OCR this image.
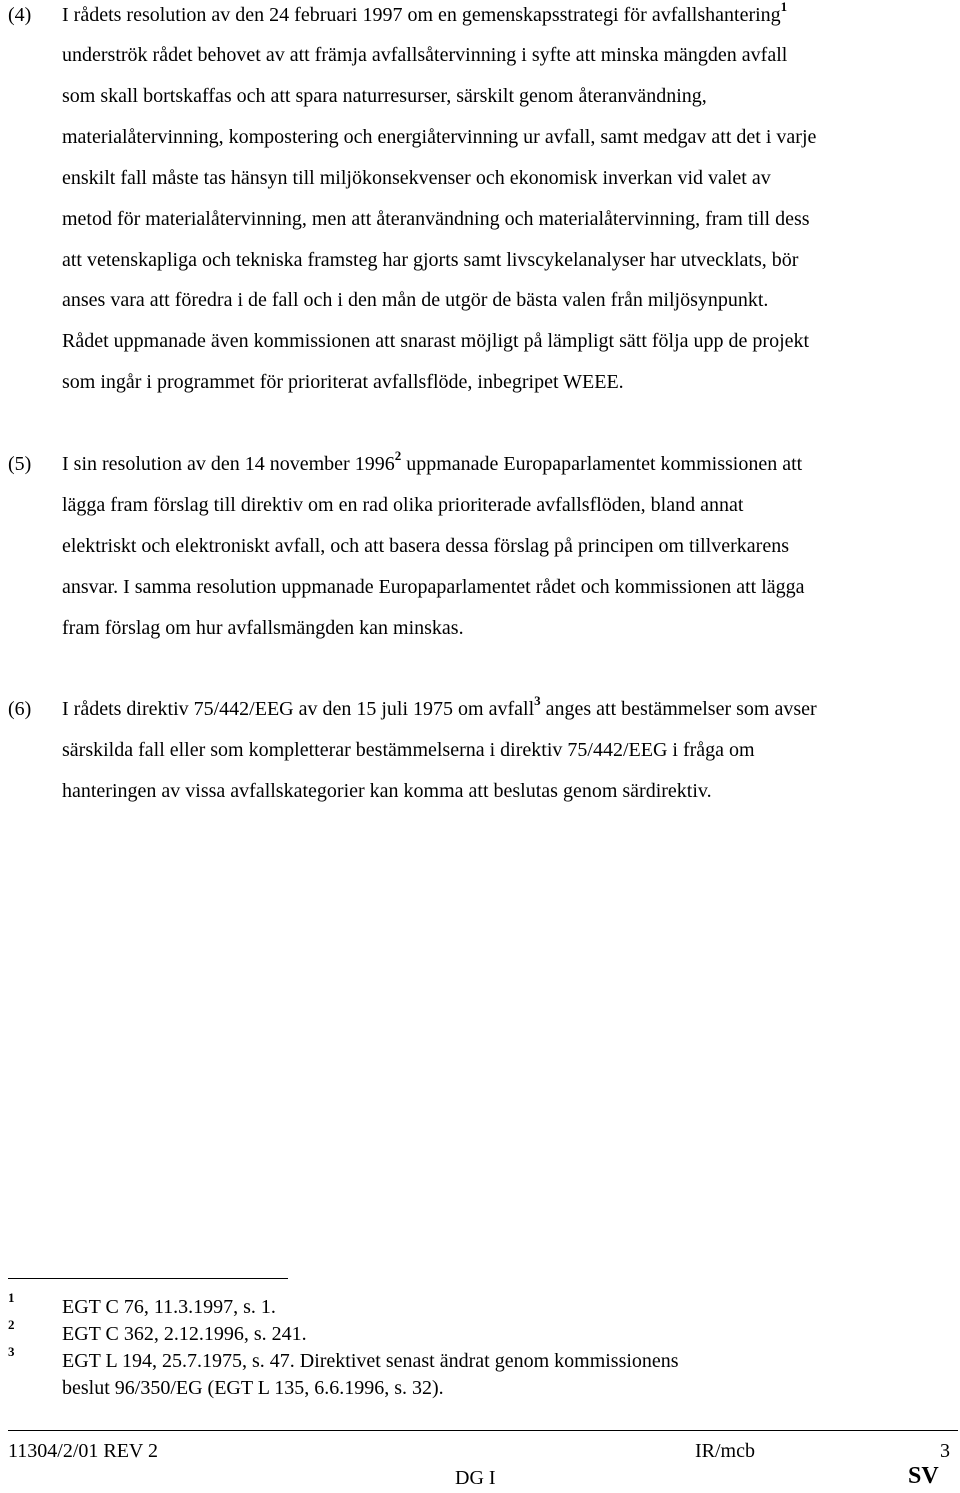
(4) I rådets resolution av den 24 februari 1997 om en gemenskapsstrategi för avfallshantering$^1$
underströk rådet behovet av att främja avfallsåtervinning i syfte att minska mängden avfall
som skall bortskaffas och att spara naturresurser, särskilt genom återanvändning,
materialåtervinning, kompostering och energiåtervinning ur avfall, samt medgav att det i varje
enskilt fall måste tas hänsyn till miljökonsekvenser och ekonomisk inverkan vid valet av
metod för materialåtervinning, men att återanvändning och materialåtervinning, fram till dess
att vetenskapliga och tekniska framsteg har gjorts samt livscykelanalyser har utvecklats, bör
anses vara att föredra i de fall och i den mån de utgör de bästa valen från miljösynpunkt.
Rådet uppmanade även kommissionen att snarast möjligt på lämpligt sätt följa upp de projekt
som ingår i programmet för prioriterat avfallsflöde, inbegripet WEEE.
(5) I sin resolution av den 14 november 1996$^2$ uppmanade Europaparlamentet kommissionen att
lägga fram förslag till direktiv om en rad olika prioriterade avfallsflöden, bland annat
elektriskt och elektroniskt avfall, och att basera dessa förslag på principen om tillverkarens
ansvar. I samma resolution uppmanade Europaparlamentet rådet och kommissionen att lägga
fram förslag om hur avfallsmängden kan minskas.
(6) I rådets direktiv 75/442/EEG av den 15 juli 1975 om avfall$^3$ anges att bestämmelser som avser
särskilda fall eller som kompletterar bestämmelserna i direktiv 75/442/EEG i fråga om
hanteringen av vissa avfallskategorier kan komma att beslutas genom särdirektiv.
1 EGT C 76, 11.3.1997, s. 1.
2 EGT C 362, 2.12.1996, s. 241.
3 EGT L 194, 25.7.1975, s. 47. Direktivet senast ändrat genom kommissionens
beslut 96/350/EG (EGT L 135, 6.6.1996, s. 32).
11304/2/01 REV 2	IR/mcb	3
DG I	SV
